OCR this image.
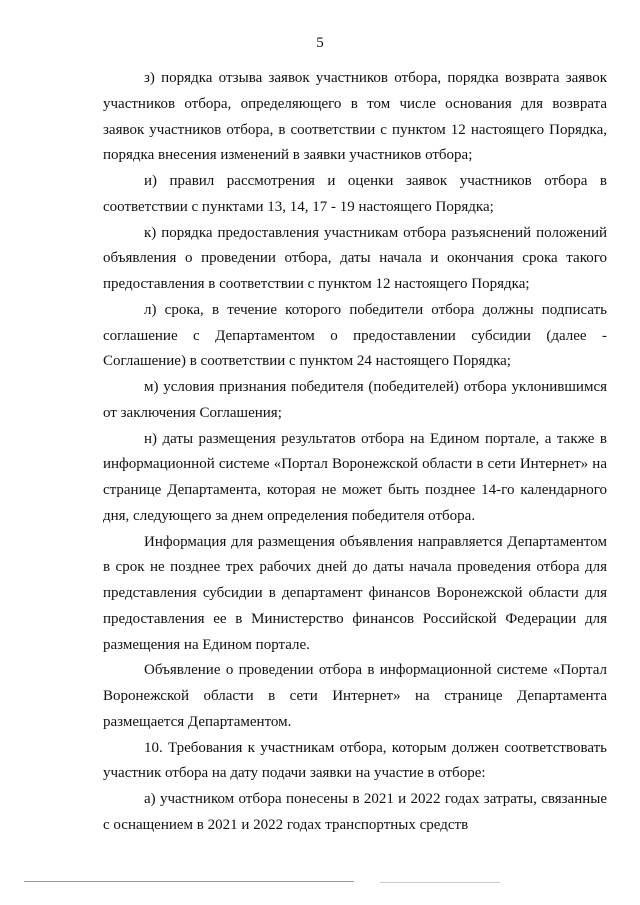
5

з) порядка отзыва заявок участников отбора, порядка возврата заявок участников отбора, определяющего в том числе основания для возврата заявок участников отбора, в соответствии с пунктом 12 настоящего Порядка, порядка внесения изменений в заявки участников отбора;

и) правил рассмотрения и оценки заявок участников отбора в соответствии с пунктами 13, 14, 17 - 19 настоящего Порядка;

к) порядка предоставления участникам отбора разъяснений положений объявления о проведении отбора, даты начала и окончания срока такого предоставления в соответствии с пунктом 12 настоящего Порядка;

л) срока, в течение которого победители отбора должны подписать соглашение с Департаментом о предоставлении субсидии (далее - Соглашение) в соответствии с пунктом 24 настоящего Порядка;

м) условия признания победителя (победителей) отбора уклонившимся от заключения Соглашения;

н) даты размещения результатов отбора на Едином портале, а также в информационной системе «Портал Воронежской области в сети Интернет» на странице Департамента, которая не может быть позднее 14-го календарного дня, следующего за днем определения победителя отбора.

Информация для размещения объявления направляется Департаментом в срок не позднее трех рабочих дней до даты начала проведения отбора для представления субсидии в департамент финансов Воронежской области для предоставления ее в Министерство финансов Российской Федерации для размещения на Едином портале.

Объявление о проведении отбора в информационной системе «Портал Воронежской области в сети Интернет» на странице Департамента размещается Департаментом.

10. Требования к участникам отбора, которым должен соответствовать участник отбора на дату подачи заявки на участие в отборе:

а) участником отбора понесены в 2021 и 2022 годах затраты, связанные с оснащением в 2021 и 2022 годах транспортных средств
